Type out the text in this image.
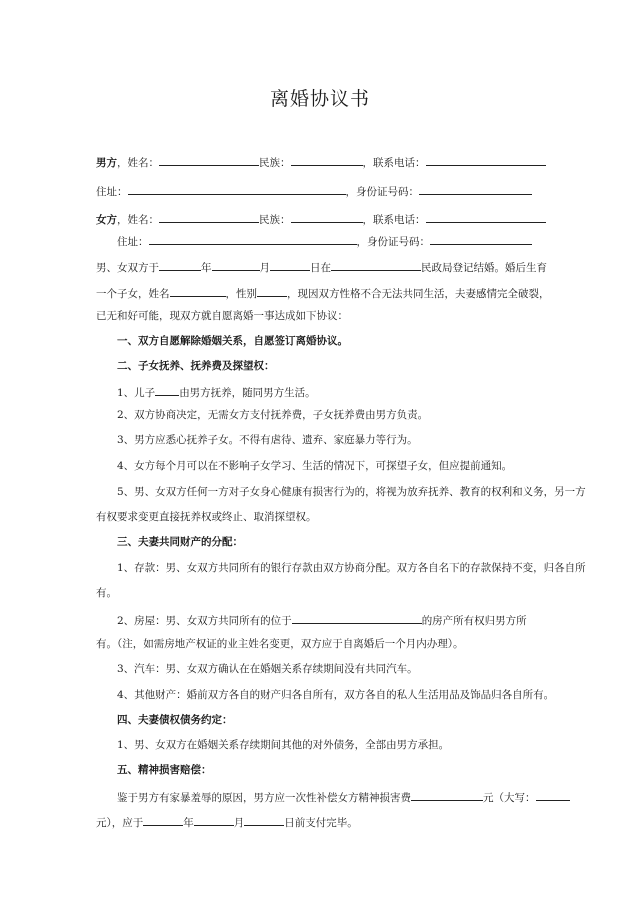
离婚协议书
男方，姓名：	民族：	，联系电话：
住址：	，身份证号码：
女方，姓名：	民族：	，联系电话：
住址：	，身份证号码：
男、女双方于	年	月	日在	民政局登记结婚。婚后生育
一个子女，姓名	，性别	，现因双方性格不合无法共同生活，夫妻感情完全破裂，
已无和好可能，现双方就自愿离婚一事达成如下协议：
一、双方自愿解除婚姻关系，自愿签订离婚协议。
二、子女抚养、抚养费及探望权：
1、儿子 由男方抚养，随同男方生活。
2、双方协商决定，无需女方支付抚养费，子女抚养费由男方负责。
3、男方应悉心抚养子女。不得有虐待、遗弃、家庭暴力等行为。
4、女方每个月可以在不影响子女学习、生活的情况下，可探望子女，但应提前通知。
5、男、女双方任何一方对子女身心健康有损害行为的，将视为放弃抚养、教育的权利和义务，另一方
有权要求变更直接抚养权或终止、取消探望权。
三、夫妻共同财产的分配：
1、存款：男、女双方共同所有的银行存款由双方协商分配。双方各自名下的存款保持不变，归各自所
有。
2、房屋：男、女双方共同所有的位于	的房产所有权归男方所
有。（注，如需房地产权证的业主姓名变更，双方应于自离婚后一个月内办理）。
3、汽车：男、女双方确认在在婚姻关系存续期间没有共同汽车。
4、其他财产：婚前双方各自的财产归各自所有，双方各自的私人生活用品及饰品归各自所有。
四、夫妻债权债务约定：
1、男、女双方在婚姻关系存续期间其他的对外债务，全部由男方承担。
五、精神损害赔偿：
鉴于男方有家暴羞辱的原因，男方应一次性补偿女方精神损害费	元（大写：
元），应于	年	月	日前支付完毕。
